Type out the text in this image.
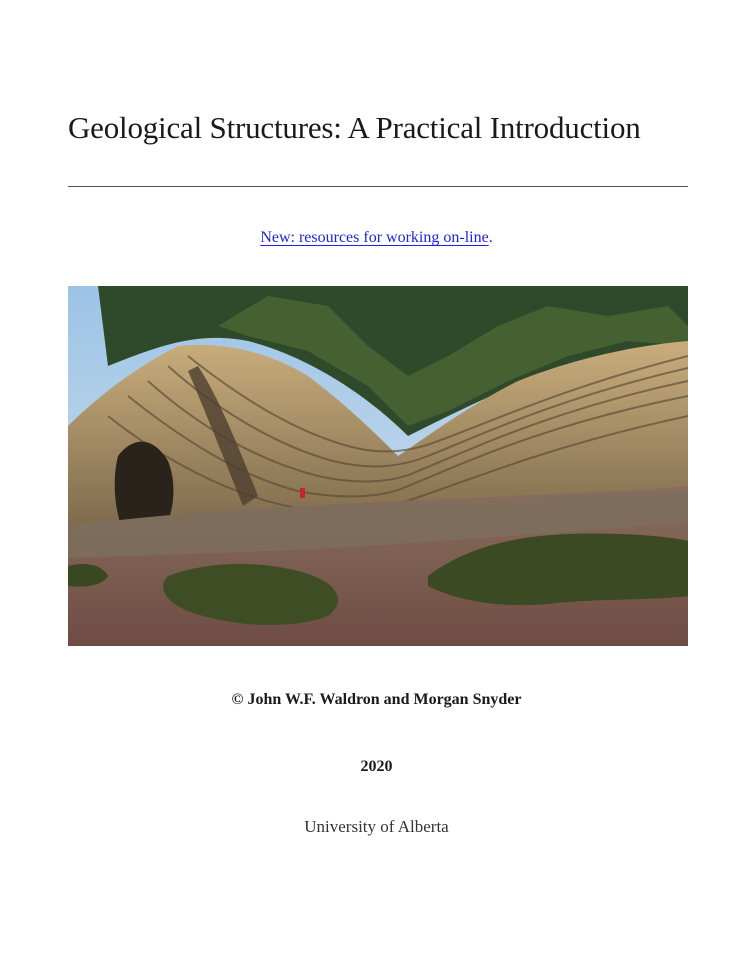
Geological Structures: A Practical Introduction
New: resources for working on-line.
© John W.F. Waldron and Morgan Snyder
2020
University of Alberta
